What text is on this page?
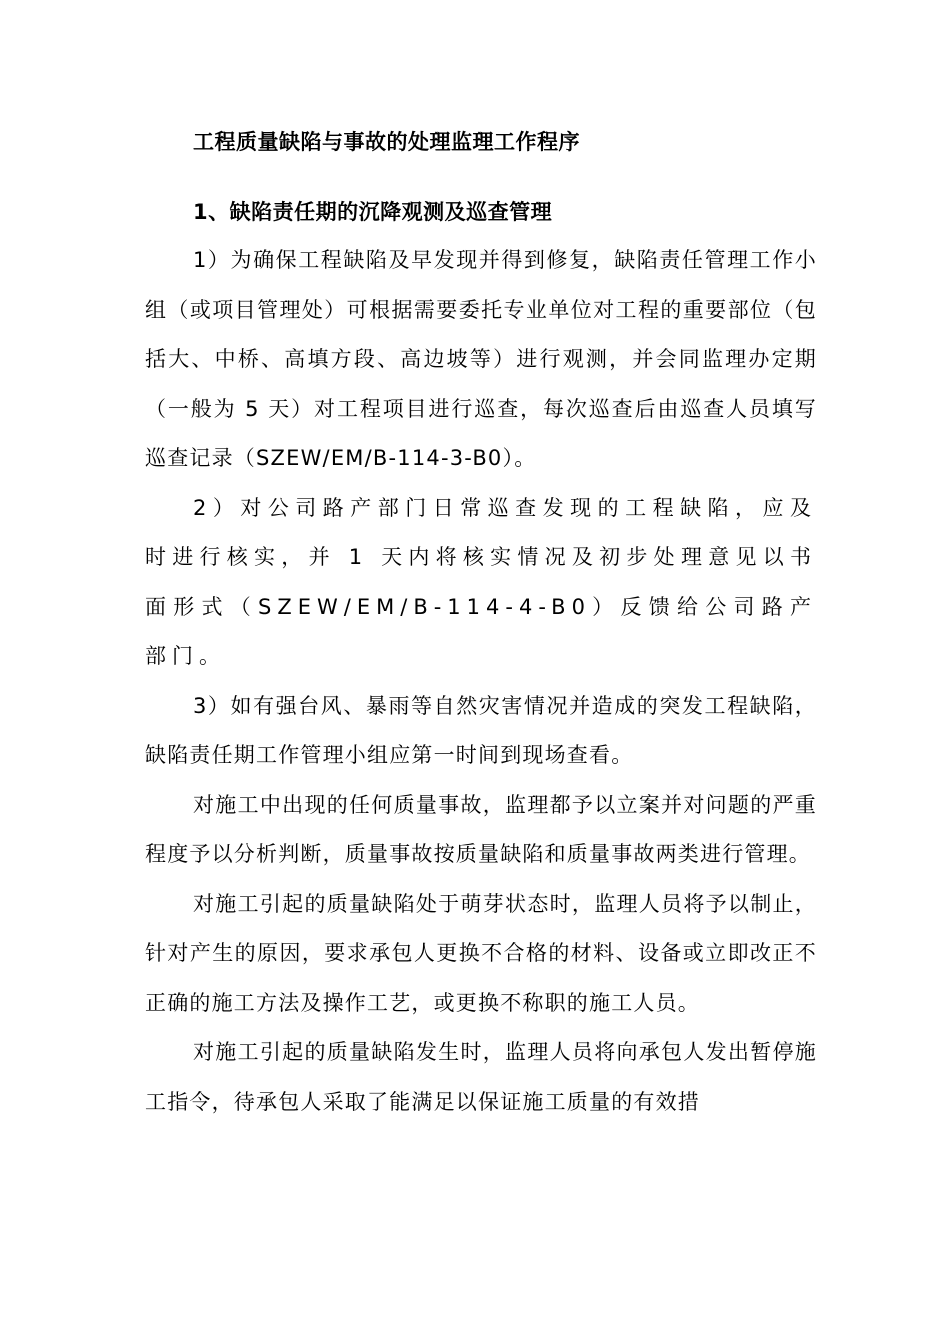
工程质量缺陷与事故的处理监理工作程序

1、缺陷责任期的沉降观测及巡查管理

1）为确保工程缺陷及早发现并得到修复，缺陷责任管理工作小组（或项目管理处）可根据需要委托专业单位对工程的重要部位（包括大、中桥、高填方段、高边坡等）进行观测，并会同监理办定期（一般为 5 天）对工程项目进行巡查，每次巡查后由巡查人员填写巡查记录（SZEW/EM/B-114-3-B0）。

2）对公司路产部门日常巡查发现的工程缺陷，应及时进行核实，并 1 天内将核实情况及初步处理意见以书面形式（SZEW/EM/B-114-4-B0）反馈给公司路产部门。

3）如有强台风、暴雨等自然灾害情况并造成的突发工程缺陷，缺陷责任期工作管理小组应第一时间到现场查看。

对施工中出现的任何质量事故，监理都予以立案并对问题的严重程度予以分析判断，质量事故按质量缺陷和质量事故两类进行管理。

对施工引起的质量缺陷处于萌芽状态时，监理人员将予以制止，针对产生的原因，要求承包人更换不合格的材料、设备或立即改正不正确的施工方法及操作工艺，或更换不称职的施工人员。

对施工引起的质量缺陷发生时，监理人员将向承包人发出暂停施工指令，待承包人采取了能满足以保证施工质量的有效措
